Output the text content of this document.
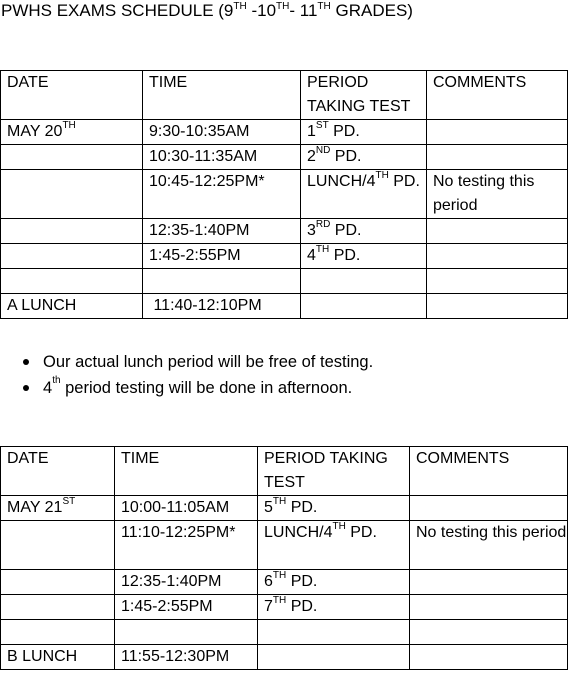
PWHS EXAMS SCHEDULE (9TH -10TH- 11TH GRADES)
DATE	TIME	PERIOD TAKING TEST	COMMENTS
MAY 20TH	9:30-10:35AM	1ST PD.	
	10:30-11:35AM	2ND PD.	
	10:45-12:25PM*	LUNCH/4TH PD.	No testing this period
	12:35-1:40PM	3RD PD.	
	1:45-2:55PM	4TH PD.	

A LUNCH	11:40-12:10PM		
Our actual lunch period will be free of testing.
4th period testing will be done in afternoon.
DATE	TIME	PERIOD TAKING TEST	COMMENTS
MAY 21ST	10:00-11:05AM	5TH PD.	
	11:10-12:25PM*	LUNCH/4TH PD.	No testing this period
	12:35-1:40PM	6TH PD.	
	1:45-2:55PM	7TH PD.	

B LUNCH	11:55-12:30PM		
